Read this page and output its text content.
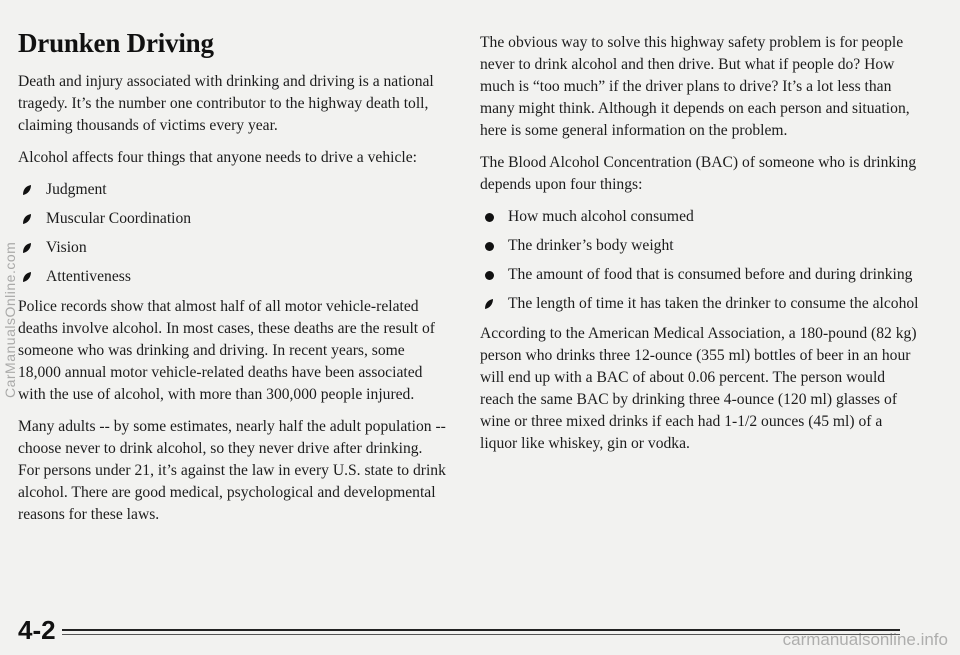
Drunken Driving

Death and injury associated with drinking and driving is a national tragedy. It’s the number one contributor to the highway death toll, claiming thousands of victims every year.

Alcohol affects four things that anyone needs to drive a vehicle:

Judgment
Muscular Coordination
Vision
Attentiveness

Police records show that almost half of all motor vehicle-related deaths involve alcohol. In most cases, these deaths are the result of someone who was drinking and driving. In recent years, some 18,000 annual motor vehicle-related deaths have been associated with the use of alcohol, with more than 300,000 people injured.

Many adults -- by some estimates, nearly half the adult population -- choose never to drink alcohol, so they never drive after drinking. For persons under 21, it’s against the law in every U.S. state to drink alcohol. There are good medical, psychological and developmental reasons for these laws.

The obvious way to solve this highway safety problem is for people never to drink alcohol and then drive. But what if people do? How much is “too much” if the driver plans to drive? It’s a lot less than many might think. Although it depends on each person and situation, here is some general information on the problem.

The Blood Alcohol Concentration (BAC) of someone who is drinking depends upon four things:

How much alcohol consumed
The drinker’s body weight
The amount of food that is consumed before and during drinking
The length of time it has taken the drinker to consume the alcohol

According to the American Medical Association, a 180-pound (82 kg) person who drinks three 12-ounce (355 ml) bottles of beer in an hour will end up with a BAC of about 0.06 percent. The person would reach the same BAC by drinking three 4-ounce (120 ml) glasses of wine or three mixed drinks if each had 1-1/2 ounces (45 ml) of a liquor like whiskey, gin or vodka.

4-2
CarManualsOnline.com
carmanualsonline.info
